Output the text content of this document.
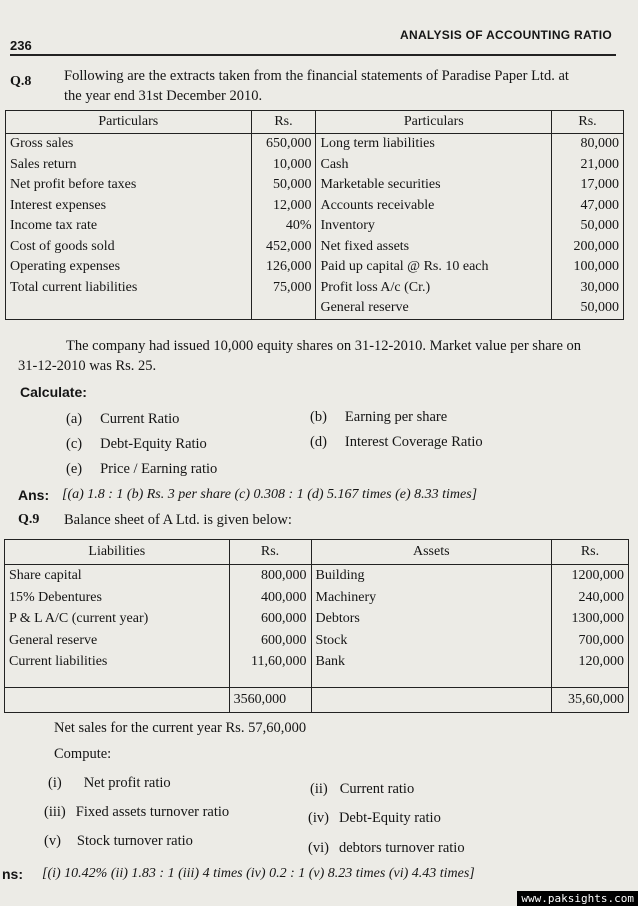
236
ANALYSIS OF ACCOUNTING RATIO
Q.8 Following are the extracts taken from the financial statements of Paradise Paper Ltd. at
the year end 31st December 2010.
Particulars	Rs.	Particulars	Rs.
Gross sales	650,000	Long term liabilities	80,000
Sales return	10,000	Cash	21,000
Net profit before taxes	50,000	Marketable securities	17,000
Interest expenses	12,000	Accounts receivable	47,000
Income tax rate	40%	Inventory	50,000
Cost of goods sold	452,000	Net fixed assets	200,000
Operating expenses	126,000	Paid up capital @ Rs. 10 each	100,000
Total current liabilities	75,000	Profit loss A/c (Cr.)	30,000
		General reserve	50,000
The company had issued 10,000 equity shares on 31-12-2010. Market value per share on
31-12-2010 was Rs. 25.
Calculate:
(a) Current Ratio	(b) Earning per share
(c) Debt-Equity Ratio	(d) Interest Coverage Ratio
(e) Price / Earning ratio
Ans: [(a) 1.8 : 1 (b) Rs. 3 per share (c) 0.308 : 1 (d) 5.167 times (e) 8.33 times]
Q.9 Balance sheet of A Ltd. is given below:
Liabilities	Rs.	Assets	Rs.
Share capital	800,000	Building	1200,000
15% Debentures	400,000	Machinery	240,000
P & L A/C (current year)	600,000	Debtors	1300,000
General reserve	600,000	Stock	700,000
Current liabilities	11,60,000	Bank	120,000

	3560,000		35,60,000
Net sales for the current year Rs. 57,60,000
Compute:
(i) Net profit ratio	(ii) Current ratio
(iii) Fixed assets turnover ratio	(iv) Debt-Equity ratio
(v) Stock turnover ratio	(vi) debtors turnover ratio
ns: [(i) 10.42% (ii) 1.83 : 1 (iii) 4 times (iv) 0.2 : 1 (v) 8.23 times (vi) 4.43 times]
www.paksights.com
